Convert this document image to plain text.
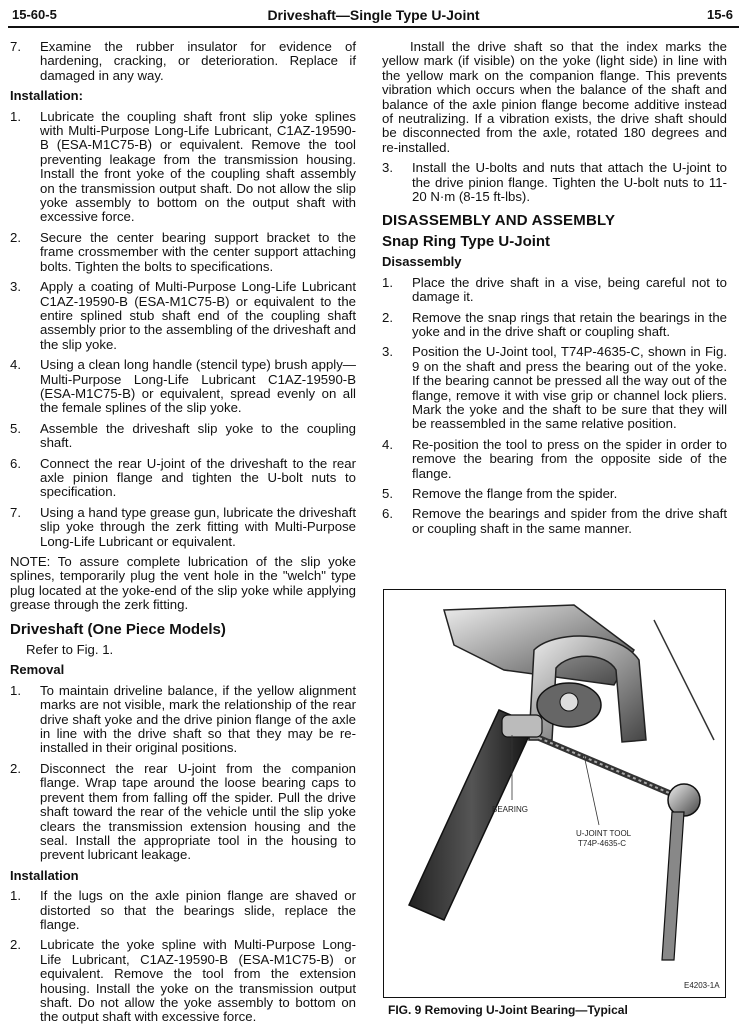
15-60-5	Driveshaft—Single Type U-Joint	15-6
7.	Examine the rubber insulator for evidence of hardening, cracking, or deterioration. Replace if damaged in any way.
Installation:
1.	Lubricate the coupling shaft front slip yoke splines with Multi-Purpose Long-Life Lubricant, C1AZ-19590-B (ESA-M1C75-B) or equivalent. Remove the tool preventing leakage from the transmission housing. Install the front yoke of the coupling shaft assembly on the transmission output shaft. Do not allow the slip yoke assembly to bottom on the output shaft with excessive force.
2.	Secure the center bearing support bracket to the frame crossmember with the center support attaching bolts. Tighten the bolts to specifications.
3.	Apply a coating of Multi-Purpose Long-Life Lubricant C1AZ-19590-B (ESA-M1C75-B) or equivalent to the entire splined stub shaft end of the coupling shaft assembly prior to the assembling of the driveshaft and the slip yoke.
4.	Using a clean long handle (stencil type) brush apply—Multi-Purpose Long-Life Lubricant C1AZ-19590-B (ESA-M1C75-B) or equivalent, spread evenly on all the female splines of the slip yoke.
5.	Assemble the driveshaft slip yoke to the coupling shaft.
6.	Connect the rear U-joint of the driveshaft to the rear axle pinion flange and tighten the U-bolt nuts to specification.
7.	Using a hand type grease gun, lubricate the driveshaft slip yoke through the zerk fitting with Multi-Purpose Long-Life Lubricant or equivalent.
NOTE: To assure complete lubrication of the slip yoke splines, temporarily plug the vent hole in the "welch" type plug located at the yoke-end of the slip yoke while applying grease through the zerk fitting.
Driveshaft (One Piece Models)
Refer to Fig. 1.
Removal
1.	To maintain driveline balance, if the yellow alignment marks are not visible, mark the relationship of the rear drive shaft yoke and the drive pinion flange of the axle in line with the drive shaft so that they may be re-installed in their original positions.
2.	Disconnect the rear U-joint from the companion flange. Wrap tape around the loose bearing caps to prevent them from falling off the spider. Pull the drive shaft toward the rear of the vehicle until the slip yoke clears the transmission extension housing and the seal. Install the appropriate tool in the housing to prevent lubricant leakage.
Installation
1.	If the lugs on the axle pinion flange are shaved or distorted so that the bearings slide, replace the flange.
2.	Lubricate the yoke spline with Multi-Purpose Long-Life Lubricant, C1AZ-19590-B (ESA-M1C75-B) or equivalent. Remove the tool from the extension housing. Install the yoke on the transmission output shaft. Do not allow the yoke assembly to bottom on the output shaft with excessive force.
Install the drive shaft so that the index marks the yellow mark (if visible) on the yoke (light side) in line with the yellow mark on the companion flange. This prevents vibration which occurs when the balance of the shaft and balance of the axle pinion flange become additive instead of neutralizing. If a vibration exists, the drive shaft should be disconnected from the axle, rotated 180 degrees and re-installed.
3.	Install the U-bolts and nuts that attach the U-joint to the drive pinion flange. Tighten the U-bolt nuts to 11-20 N·m (8-15 ft-lbs).
DISASSEMBLY AND ASSEMBLY
Snap Ring Type U-Joint
Disassembly
1.	Place the drive shaft in a vise, being careful not to damage it.
2.	Remove the snap rings that retain the bearings in the yoke and in the drive shaft or coupling shaft.
3.	Position the U-Joint tool, T74P-4635-C, shown in Fig. 9 on the shaft and press the bearing out of the yoke. If the bearing cannot be pressed all the way out of the flange, remove it with vise grip or channel lock pliers. Mark the yoke and the shaft to be sure that they will be reassembled in the same relative position.
4.	Re-position the tool to press on the spider in order to remove the bearing from the opposite side of the flange.
5.	Remove the flange from the spider.
6.	Remove the bearings and spider from the drive shaft or coupling shaft in the same manner.
BEARING
U-JOINT TOOL
T74P-4635-C
E4203-1A
FIG. 9 Removing U-Joint Bearing—Typical
